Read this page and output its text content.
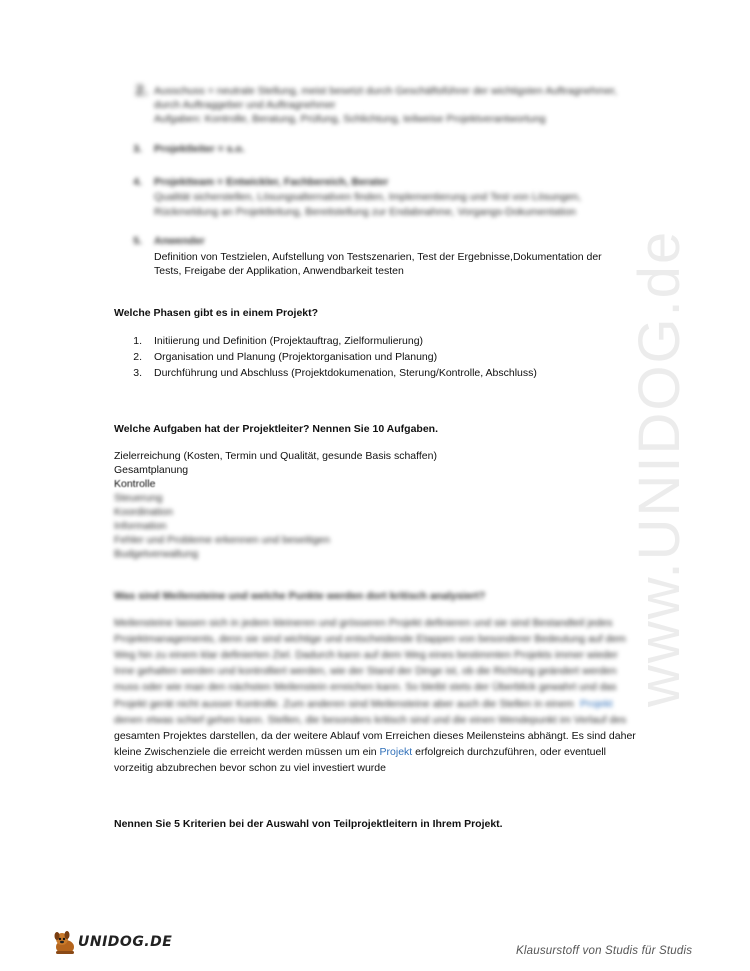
www.UNIDOG.de
2. Ausschuss = neutrale Stellung, meist besetzt durch Geschäftsführer der wichtigsten Auftragnehmer,
durch Auftraggeber und Auftragnehmer
Aufgaben: Kontrolle, Beratung, Prüfung, Schlichtung, teilweise Projektverantwortung
3. Projektleiter = s.o.
4. Projektteam = Entwickler, Fachbereich, Berater
Qualität sicherstellen, Lösungsalternativen finden, Implementierung und Test von Lösungen,
Rückmeldung an Projektleitung, Bereitstellung zur Endabnahme, Vorgangs-Dokumentation
5. Anwender
Definition von Testzielen, Aufstellung von Testszenarien, Test der Ergebnisse,Dokumentation der
Tests, Freigabe der Applikation, Anwendbarkeit testen
Welche Phasen gibt es in einem Projekt?
1. Initiierung und Definition (Projektauftrag, Zielformulierung)
2. Organisation und Planung (Projektorganisation und Planung)
3. Durchführung und Abschluss (Projektdokumenation, Sterung/Kontrolle, Abschluss)
Welche Aufgaben hat der Projektleiter? Nennen Sie 10 Aufgaben.
Zielerreichung (Kosten, Termin und Qualität, gesunde Basis schaffen)
Gesamtplanung
Kontrolle
Steuerung
Koordination
Information
Fehler und Probleme erkennen und beseitigen
Budgetverwaltung
Was sind Meilensteine und welche Punkte werden dort kritisch analysiert?
Meilensteine lassen sich in jedem kleineren und grösseren Projekt definieren und sie sind Bestandteil jedes
Projektmanagements, denn sie sind wichtige und entscheidende Etappen von besonderer Bedeutung auf dem
Weg hin zu einem klar definierten Ziel. Dadurch kann auf dem Weg eines bestimmten Projekts immer wieder
Inne gehalten werden und kontrolliert werden, wie der Stand der Dinge ist, ob die Richtung geändert werden
muss oder wie man den nächsten Meilenstein erreichen kann. So bleibt stets der Überblick gewahrt und das
Projekt gerät nicht ausser Kontrolle. Zum anderen sind Meilensteine aber auch die Stellen in einem Projekt
denen etwas schief gehen kann. Stellen, die besonders kritisch sind und die einen Wendepunkt im Verlauf des
gesamten Projektes darstellen, da der weitere Ablauf vom Erreichen dieses Meilensteins abhängt. Es sind daher
kleine Zwischenziele die erreicht werden müssen um ein Projekt erfolgreich durchzuführen, oder eventuell
vorzeitig abzubrechen bevor schon zu viel investiert wurde
Nennen Sie 5 Kriterien bei der Auswahl von Teilprojektleitern in Ihrem Projekt.
UNIDOG.DE
Klausurstoff von Studis für Studis
